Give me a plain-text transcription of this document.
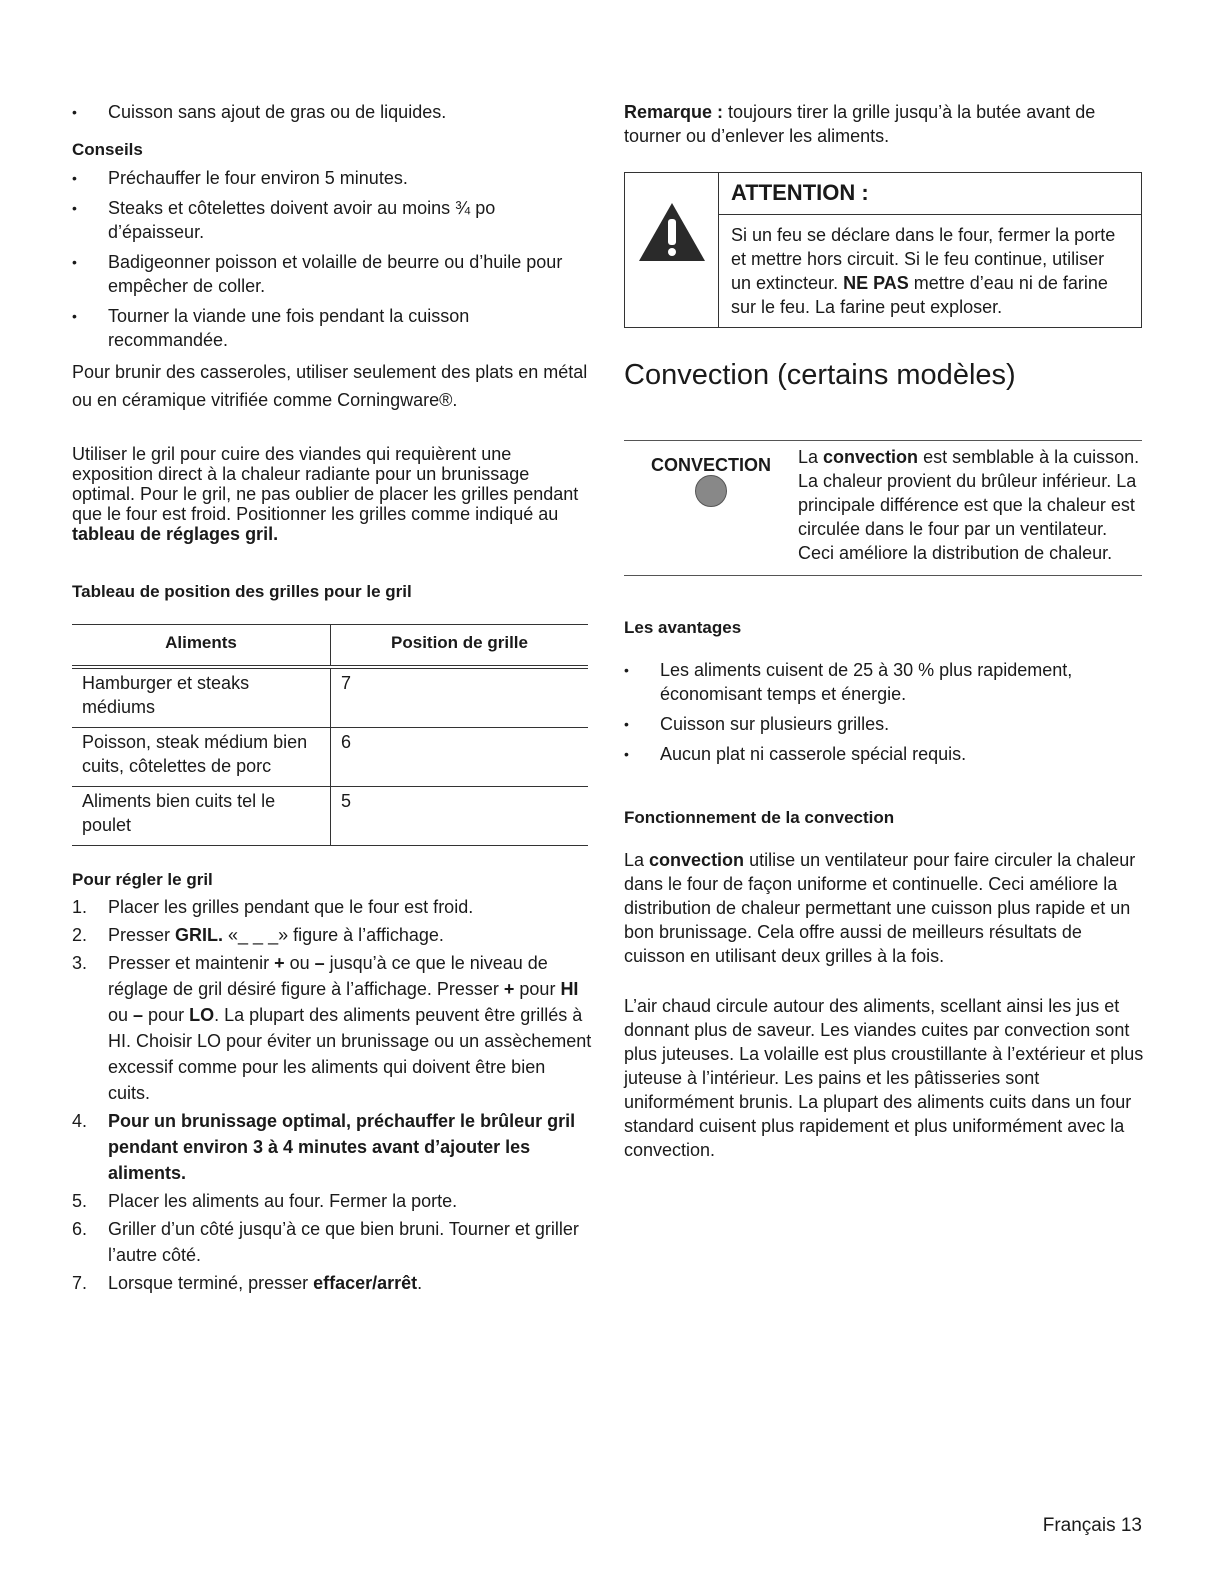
• Cuisson sans ajout de gras ou de liquides.
Conseils
• Préchauffer le four environ 5 minutes.
• Steaks et côtelettes doivent avoir au moins ¾ po d’épaisseur.
• Badigeonner poisson et volaille de beurre ou d’huile pour empêcher de coller.
• Tourner la viande une fois pendant la cuisson recommandée.

Pour brunir des casseroles, utiliser seulement des plats en métal ou en céramique vitrifiée comme Corningware®.

Utiliser le gril pour cuire des viandes qui requièrent une exposition direct à la chaleur radiante pour un brunissage optimal. Pour le gril, ne pas oublier de placer les grilles pendant que le four est froid. Positionner les grilles comme indiqué au tableau de réglages gril.

Tableau de position des grilles pour le gril
Aliments	Position de grille
Hamburger et steaks médiums	7
Poisson, steak médium bien cuits, côtelettes de porc	6
Aliments bien cuits tel le poulet	5
Pour régler le gril
1. Placer les grilles pendant que le four est froid.
2. Presser GRIL. «_ _ _» figure à l’affichage.
3. Presser et maintenir + ou – jusqu’à ce que le niveau de réglage de gril désiré figure à l’affichage. Presser + pour HI ou – pour LO. La plupart des aliments peuvent être grillés à HI. Choisir LO pour éviter un brunissage ou un assèchement excessif comme pour les aliments qui doivent être bien cuits.
4. Pour un brunissage optimal, préchauffer le brûleur gril pendant environ 3 à 4 minutes avant d’ajouter les aliments.
5. Placer les aliments au four. Fermer la porte.
6. Griller d’un côté jusqu’à ce que bien bruni. Tourner et griller l’autre côté.
7. Lorsque terminé, presser effacer/arrêt.

Remarque : toujours tirer la grille jusqu’à la butée avant de tourner ou d’enlever les aliments.

ATTENTION :
Si un feu se déclare dans le four, fermer la porte et mettre hors circuit. Si le feu continue, utiliser un extincteur. NE PAS mettre d’eau ni de farine sur le feu. La farine peut exploser.
Convection (certains modèles)
CONVECTION	La convection est semblable à la cuisson. La chaleur provient du brûleur inférieur. La principale différence est que la chaleur est circulée dans le four par un ventilateur. Ceci améliore la distribution de chaleur.
Les avantages
• Les aliments cuisent de 25 à 30 % plus rapidement, économisant temps et énergie.
• Cuisson sur plusieurs grilles.
• Aucun plat ni casserole spécial requis.
Fonctionnement de la convection

La convection utilise un ventilateur pour faire circuler la chaleur dans le four de façon uniforme et continuelle. Ceci améliore la distribution de chaleur permettant une cuisson plus rapide et un bon brunissage. Cela offre aussi de meilleurs résultats de cuisson en utilisant deux grilles à la fois.

L’air chaud circule autour des aliments, scellant ainsi les jus et donnant plus de saveur. Les viandes cuites par convection sont plus juteuses. La volaille est plus croustillante à l’extérieur et plus juteuse à l’intérieur. Les pains et les pâtisseries sont uniformément brunis. La plupart des aliments cuits dans un four standard cuisent plus rapidement et plus uniformément avec la convection.

Français 13
